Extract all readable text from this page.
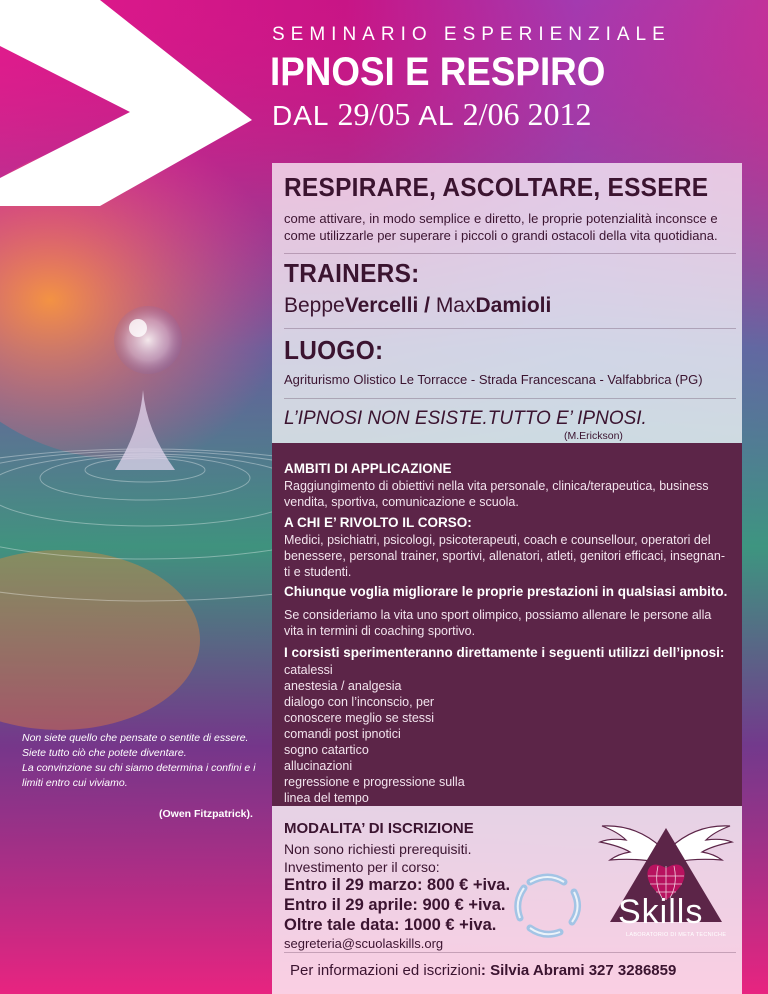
SEMINARIO ESPERIENZIALE
IPNOSI E RESPIRO
DAL 29/05 AL 2/06 2012
RESPIRARE, ASCOLTARE, ESSERE
come attivare, in modo semplice e diretto, le proprie potenzialità inconsce e
come utilizzarle per superare i piccoli o grandi ostacoli della vita quotidiana.
TRAINERS:
BeppeVercelli / MaxDamioli
LUOGO:
Agriturismo Olistico Le Torracce - Strada Francescana - Valfabbrica (PG)
L’IPNOSI NON ESISTE.TUTTO E’ IPNOSI.
(M.Erickson)
AMBITI DI APPLICAZIONE
Raggiungimento di obiettivi nella vita personale, clinica/terapeutica, business
vendita, sportiva, comunicazione e scuola.
A CHI E’ RIVOLTO IL CORSO:
Medici, psichiatri, psicologi, psicoterapeuti, coach e counsellour, operatori del
benessere, personal trainer, sportivi, allenatori, atleti, genitori efficaci, insegnan-
ti e studenti.
Chiunque voglia migliorare le proprie prestazioni in qualsiasi ambito.
Se consideriamo la vita uno sport olimpico, possiamo allenare le persone alla
vita in termini di coaching sportivo.
I corsisti sperimenteranno direttamente i seguenti utilizzi dell’ipnosi:
catalessi
anestesia / analgesia
dialogo con l’inconscio, per
conoscere meglio se stessi
comandi post ipnotici
sogno catartico
allucinazioni
regressione e progressione sulla
linea del tempo
Non siete quello che pensate o sentite di essere.
Siete tutto ciò che potete diventare.
La convinzione su chi siamo determina i confini e i
limiti entro cui viviamo.
(Owen Fitzpatrick).
MODALITA’ DI ISCRIZIONE
Non sono richiesti prerequisiti.
Investimento per il corso:
Entro il 29 marzo: 800 € +iva.
Entro il 29 aprile: 900 € +iva.
Oltre tale data: 1000 € +iva.
segreteria@scuolaskills.org
Skills
LABORATORIO DI META TECNICHE
Per informazioni ed iscrizioni: Silvia Abrami 327 3286859
